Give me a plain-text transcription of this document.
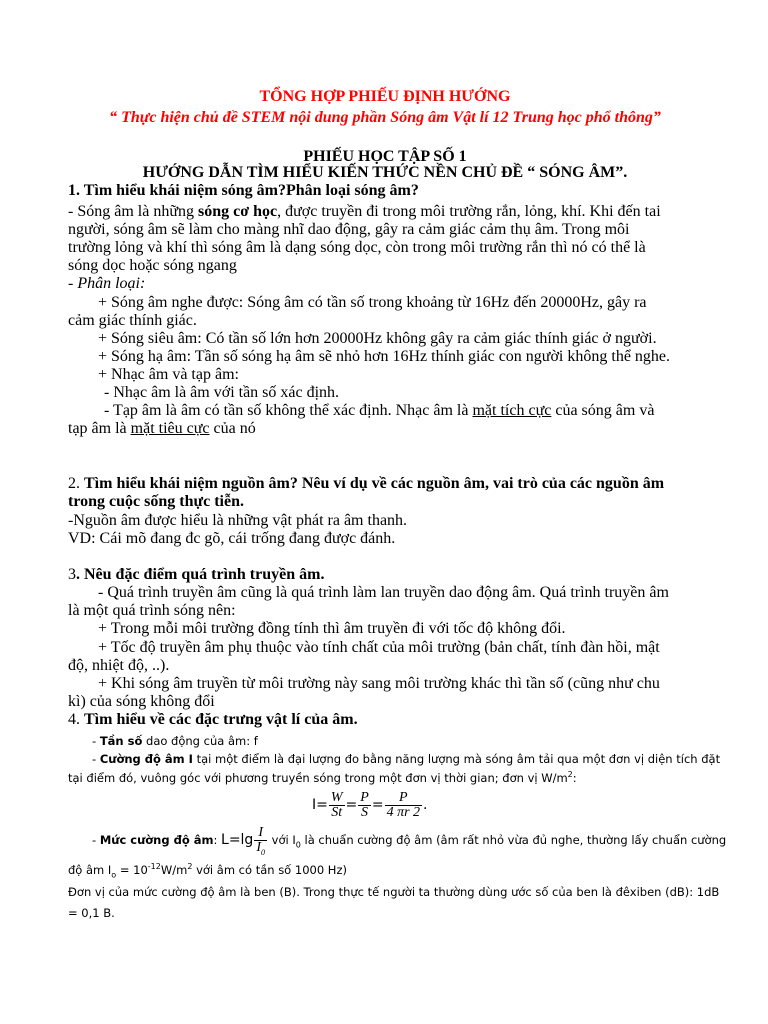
TỔNG HỢP PHIẾU ĐỊNH HƯỚNG
“ Thực hiện chủ đề STEM nội dung phần Sóng âm Vật lí 12 Trung học phổ thông”
PHIẾU HỌC TẬP SỐ 1
HƯỚNG DẪN TÌM HIỂU KIẾN THỨC NỀN CHỦ ĐỀ “ SÓNG ÂM”.
1. Tìm hiểu khái niệm sóng âm?Phân loại sóng âm?
- Sóng âm là những sóng cơ học, được truyền đi trong môi trường rắn, lỏng, khí. Khi đến tai
người, sóng âm sẽ làm cho màng nhĩ dao động, gây ra cảm giác cảm thụ âm. Trong môi
trường lỏng và khí thì sóng âm là dạng sóng dọc, còn trong môi trường rắn thì nó có thể là
sóng dọc hoặc sóng ngang
- Phân loại:
+ Sóng âm nghe được: Sóng âm có tần số trong khoảng từ 16Hz đến 20000Hz, gây ra
cảm giác thính giác.
+ Sóng siêu âm: Có tần số lớn hơn 20000Hz không gây ra cảm giác thính giác ở người.
+ Sóng hạ âm: Tần số sóng hạ âm sẽ nhỏ hơn 16Hz thính giác con người không thể nghe.
+ Nhạc âm và tạp âm:
- Nhạc âm là âm với tần số xác định.
- Tạp âm là âm có tần số không thể xác định. Nhạc âm là mặt tích cực của sóng âm và
tạp âm là mặt tiêu cực của nó
2. Tìm hiểu khái niệm nguồn âm? Nêu ví dụ về các nguồn âm, vai trò của các nguồn âm
trong cuộc sống thực tiễn.
-Nguồn âm được hiểu là những vật phát ra âm thanh.
VD: Cái mõ đang đc gõ, cái trống đang được đánh.
3. Nêu đặc điểm quá trình truyền âm.
- Quá trình truyền âm cũng là quá trình làm lan truyền dao động âm. Quá trình truyền âm
là một quá trình sóng nên:
+ Trong mỗi môi trường đồng tính thì âm truyền đi với tốc độ không đổi.
+ Tốc độ truyền âm phụ thuộc vào tính chất của môi trường (bản chất, tính đàn hồi, mật
độ, nhiệt độ, ..).
+ Khi sóng âm truyền từ môi trường này sang môi trường khác thì tần số (cũng như chu
kì) của sóng không đổi
4. Tìm hiểu về các đặc trưng vật lí của âm.
- Tần số dao động của âm: f
- Cường độ âm I tại một điểm là đại lượng đo bằng năng lượng mà sóng âm tải qua một đơn vị diện tích đặt
tại điểm đó, vuông góc với phương truyền sóng trong một đơn vị thời gian; đơn vị $W/m^2$:
$I= \frac{W}{St} = \frac{P}{S} = \frac{P}{4 \pi r 2}$ .
- Mức cường độ âm: $L=\lg \frac{I}{I_0}$ với $I_0$ là chuẩn cường độ âm (âm rất nhỏ vừa đủ nghe, thường lấy chuẩn cường
độ âm $I_o = 10^{-12}W/m^2$ với âm có tần số 1000 Hz)
Đơn vị của mức cường độ âm là ben (B). Trong thực tế người ta thường dùng ước số của ben là đêxiben (dB): 1dB
= 0,1 B.
